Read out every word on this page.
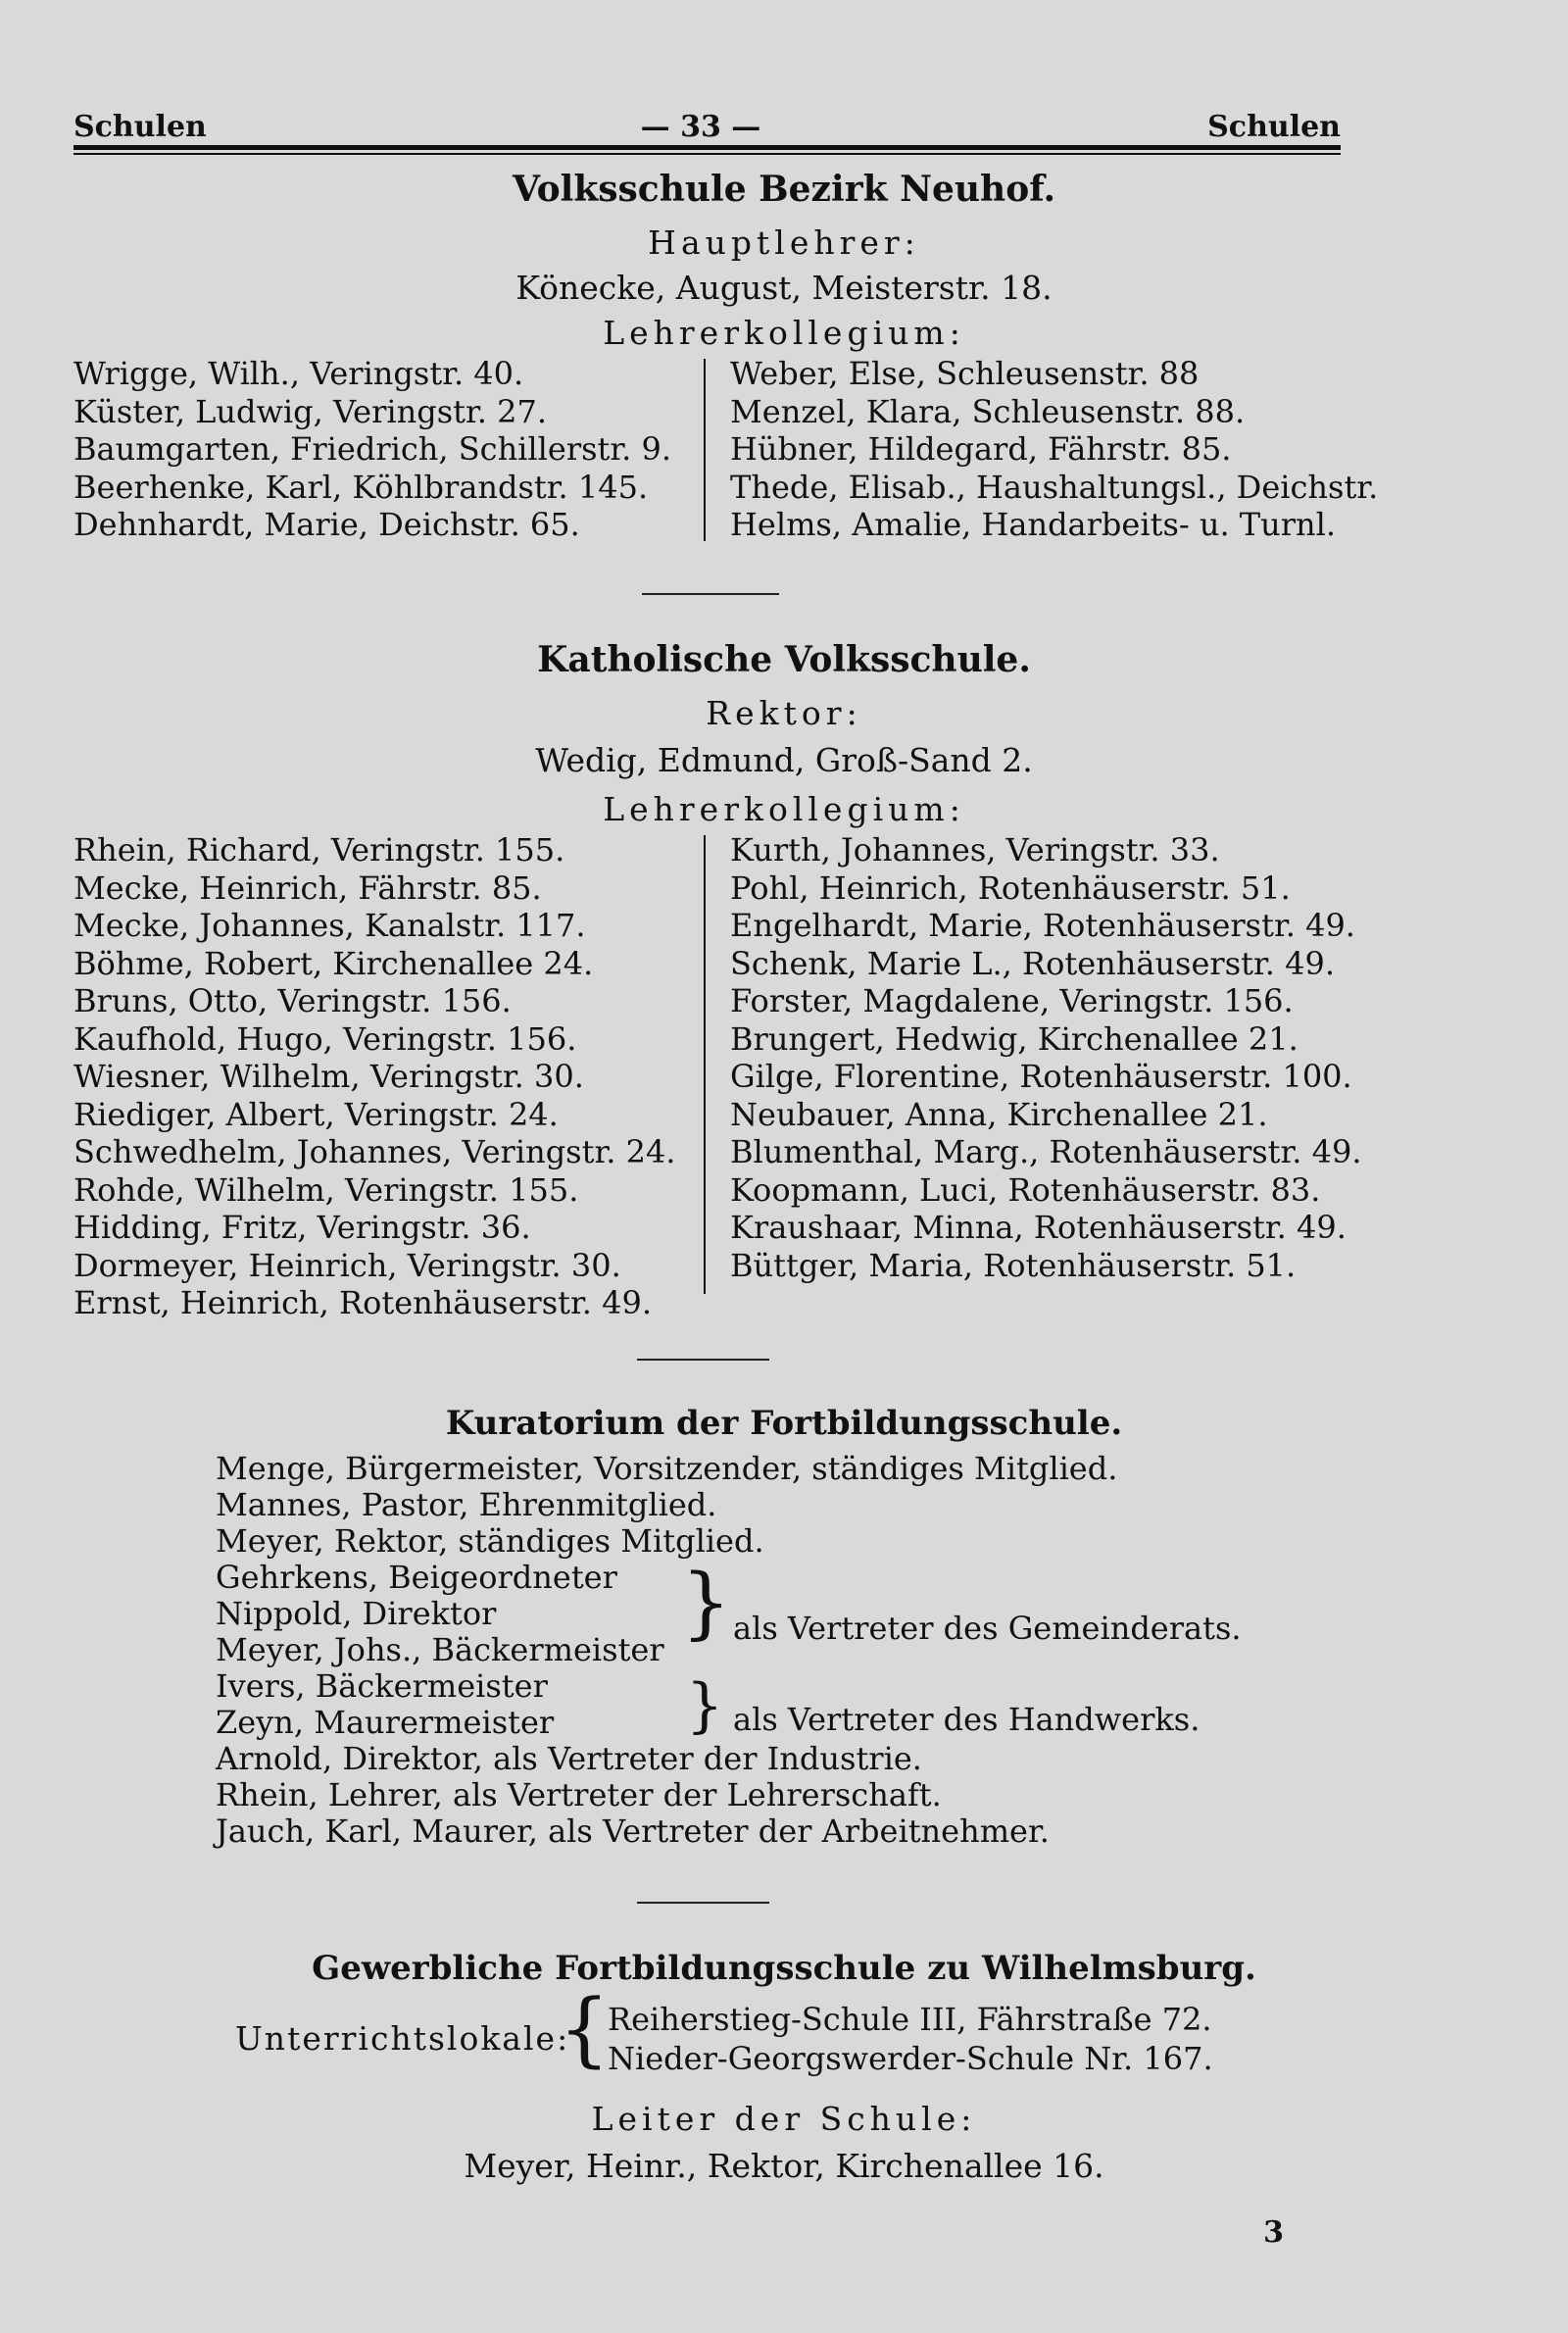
Schulen	— 33 —	Schulen
Volksschule Bezirk Neuhof.
Hauptlehrer:
Könecke, August, Meisterstr. 18.
Lehrerkollegium:
Wrigge, Wilh., Veringstr. 40.
Küster, Ludwig, Veringstr. 27.
Baumgarten, Friedrich, Schillerstr. 9.
Beerhenke, Karl, Köhlbrandstr. 145.
Dehnhardt, Marie, Deichstr. 65.
Weber, Else, Schleusenstr. 88
Menzel, Klara, Schleusenstr. 88.
Hübner, Hildegard, Fährstr. 85.
Thede, Elisab., Haushaltungsl., Deichstr.
Helms, Amalie, Handarbeits- u. Turnl.
Katholische Volksschule.
Rektor:
Wedig, Edmund, Groß-Sand 2.
Lehrerkollegium:
Rhein, Richard, Veringstr. 155.
Mecke, Heinrich, Fährstr. 85.
Mecke, Johannes, Kanalstr. 117.
Böhme, Robert, Kirchenallee 24.
Bruns, Otto, Veringstr. 156.
Kaufhold, Hugo, Veringstr. 156.
Wiesner, Wilhelm, Veringstr. 30.
Riediger, Albert, Veringstr. 24.
Schwedhelm, Johannes, Veringstr. 24.
Rohde, Wilhelm, Veringstr. 155.
Hidding, Fritz, Veringstr. 36.
Dormeyer, Heinrich, Veringstr. 30.
Ernst, Heinrich, Rotenhäuserstr. 49.
Kurth, Johannes, Veringstr. 33.
Pohl, Heinrich, Rotenhäuserstr. 51.
Engelhardt, Marie, Rotenhäuserstr. 49.
Schenk, Marie L., Rotenhäuserstr. 49.
Forster, Magdalene, Veringstr. 156.
Brungert, Hedwig, Kirchenallee 21.
Gilge, Florentine, Rotenhäuserstr. 100.
Neubauer, Anna, Kirchenallee 21.
Blumenthal, Marg., Rotenhäuserstr. 49.
Koopmann, Luci, Rotenhäuserstr. 83.
Kraushaar, Minna, Rotenhäuserstr. 49.
Büttger, Maria, Rotenhäuserstr. 51.
Kuratorium der Fortbildungsschule.
Menge, Bürgermeister, Vorsitzender, ständiges Mitglied.
Mannes, Pastor, Ehrenmitglied.
Meyer, Rektor, ständiges Mitglied.
Gehrkens, Beigeordneter
Nippold, Direktor
Meyer, Johs., Bäckermeister
} als Vertreter des Gemeinderats.
Ivers, Bäckermeister
Zeyn, Maurermeister } als Vertreter des Handwerks.
Arnold, Direktor, als Vertreter der Industrie.
Rhein, Lehrer, als Vertreter der Lehrerschaft.
Jauch, Karl, Maurer, als Vertreter der Arbeitnehmer.
Gewerbliche Fortbildungsschule zu Wilhelmsburg.
Unterrichtslokale:
{
Reiherstieg-Schule III, Fährstraße 72.
Nieder-Georgswerder-Schule Nr. 167.
Leiter der Schule:
Meyer, Heinr., Rektor, Kirchenallee 16.
3
